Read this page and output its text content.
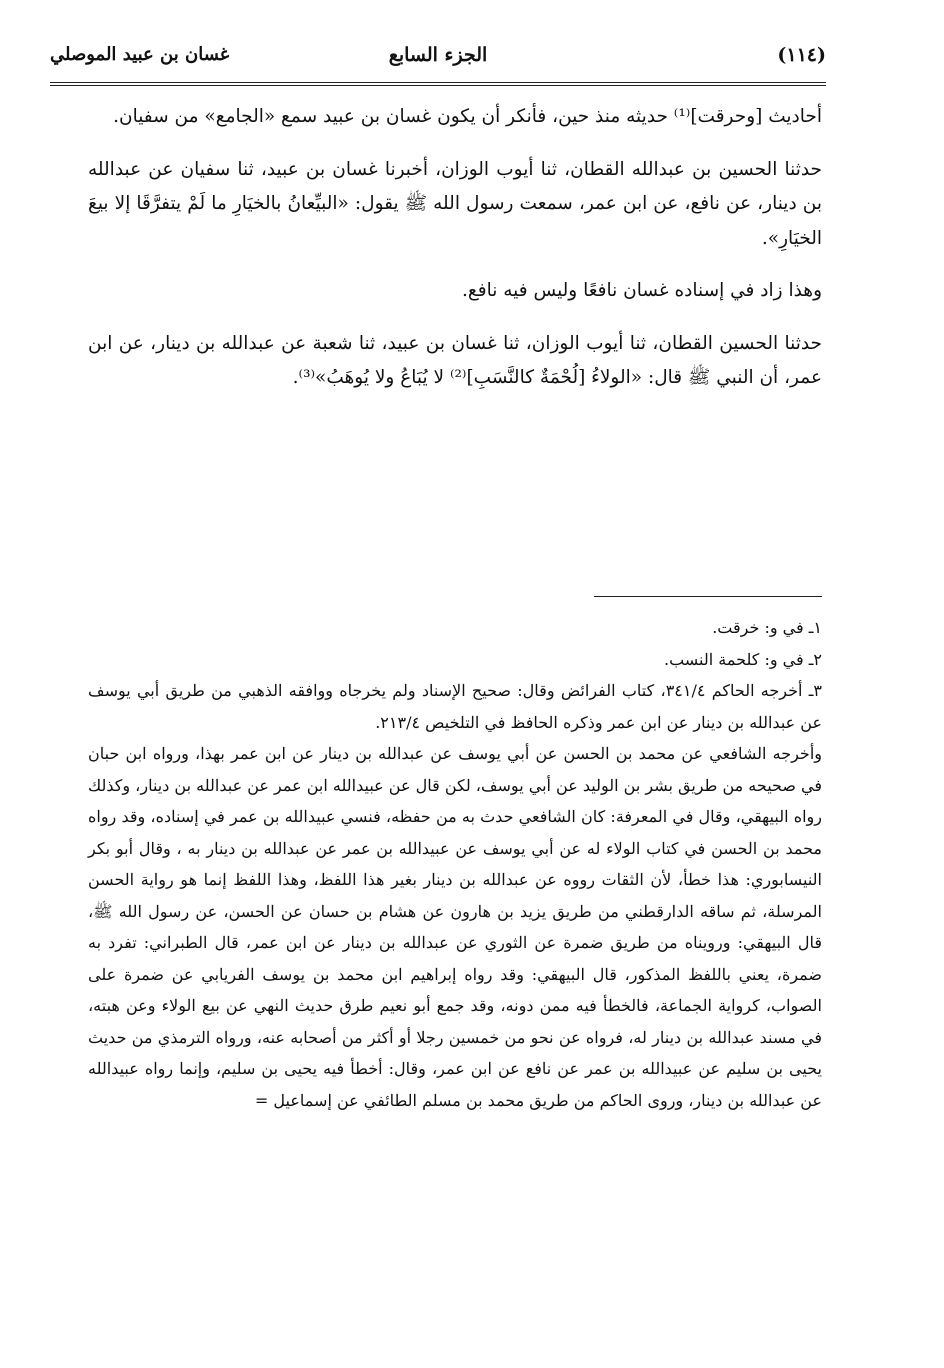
(١١٤)
الجزء السابع
غسان بن عبيد الموصلي

أحاديث [وحرقت]⁽¹⁾ حديثه منذ حين، فأنكر أن يكون غسان بن عبيد سمع «الجامع» من سفيان.

حدثنا الحسين بن عبدالله القطان، ثنا أيوب الوزان، أخبرنا غسان بن عبيد، ثنا سفيان عن عبدالله بن دينار، عن نافع، عن ابن عمر، سمعت رسول الله ﷺ يقول: «البيِّعانُ بالخيَارِ ما لَمْ يتفرَّقَا إلا بيعَ الخيَارِ».

وهذا زاد في إسناده غسان نافعًا وليس فيه نافع.

حدثنا الحسين القطان، ثنا أيوب الوزان، ثنا غسان بن عبيد، ثنا شعبة عن عبدالله بن دينار، عن ابن عمر، أن النبي ﷺ قال: «الولاءُ [لُحْمَةٌ كالنَّسَبِ]⁽²⁾ لا يُبَاعُ ولا يُوهَبُ»⁽³⁾.

١ـ في و: خرقت.

٢ـ في و: كلحمة النسب.

٣ـ أخرجه الحاكم ٣٤١/٤، كتاب الفرائض وقال: صحيح الإسناد ولم يخرجاه ووافقه الذهبي من طريق أبي يوسف عن عبدالله بن دينار عن ابن عمر وذكره الحافظ في التلخيص ٢١٣/٤.

وأخرجه الشافعي عن محمد بن الحسن عن أبي يوسف عن عبدالله بن دينار عن ابن عمر بهذا، ورواه ابن حبان في صحيحه من طريق بشر بن الوليد عن أبي يوسف، لكن قال عن عبيدالله ابن عمر عن عبدالله بن دينار، وكذلك رواه البيهقي، وقال في المعرفة: كان الشافعي حدث به من حفظه، فنسي عبيدالله بن عمر في إسناده، وقد رواه محمد بن الحسن في كتاب الولاء له عن أبي يوسف عن عبيدالله بن عمر عن عبدالله بن دينار به ، وقال أبو بكر النيسابوري: هذا خطأ، لأن الثقات رووه عن عبدالله بن دينار بغير هذا اللفظ، وهذا اللفظ إنما هو رواية الحسن المرسلة، ثم ساقه الدارقطني من طريق يزيد بن هارون عن هشام بن حسان عن الحسن، عن رسول الله ﷺ، قال البيهقي: ورويناه من طريق ضمرة عن الثوري عن عبدالله بن دينار عن ابن عمر، قال الطبراني: تفرد به ضمرة، يعني باللفظ المذكور، قال البيهقي: وقد رواه إبراهيم ابن محمد بن يوسف الفريابي عن ضمرة على الصواب، كرواية الجماعة، فالخطأ فيه ممن دونه، وقد جمع أبو نعيم طرق حديث النهي عن بيع الولاء وعن هبته، في مسند عبدالله بن دينار له، فرواه عن نحو من خمسين رجلا أو أكثر من أصحابه عنه، ورواه الترمذي من حديث يحيى بن سليم عن عبيدالله بن عمر عن نافع عن ابن عمر، وقال: أخطأ فيه يحيى بن سليم، وإنما رواه عبيدالله عن عبدالله بن دينار، وروى الحاكم من طريق محمد بن مسلم الطائفي عن إسماعيل =
